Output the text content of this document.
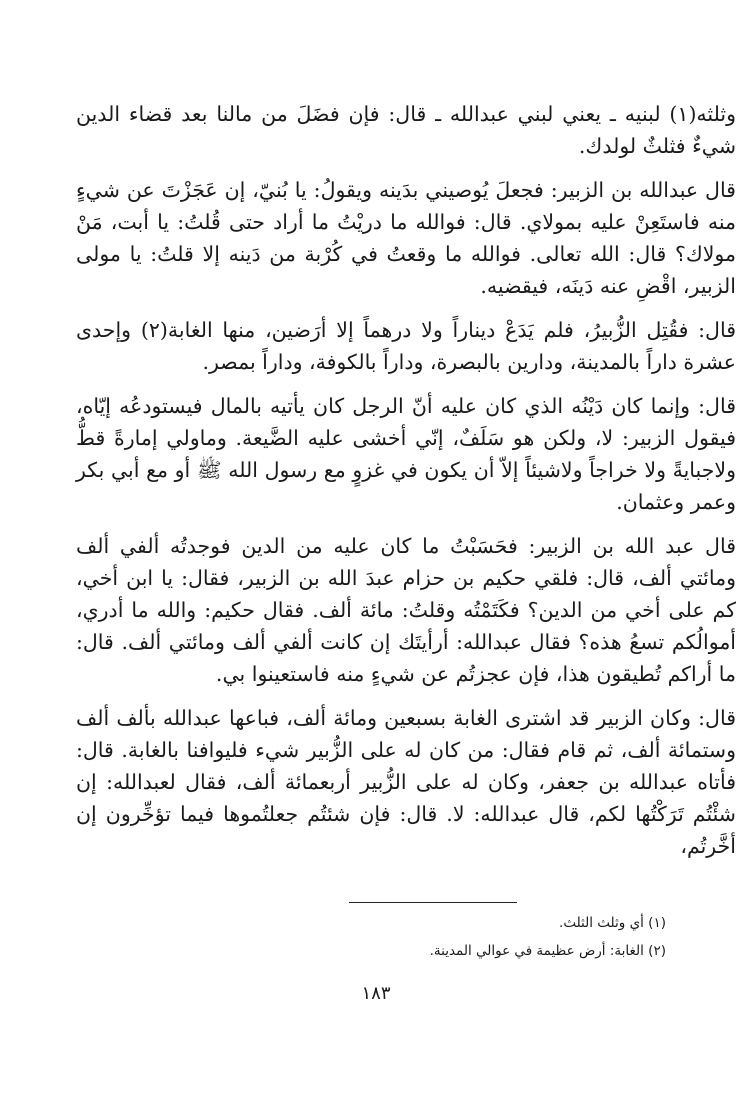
وثلثه(١) لبنيه ـ يعني لبني عبدالله ـ قال: فإن فضَلَ من مالنا بعد قضاء الدين شيءٌ فثلثٌ لولدك.

قال عبدالله بن الزبير: فجعلَ يُوصيني بدَينه ويقولُ: يا بُنيّ، إن عَجَزْتَ عن شيءٍ منه فاستَعِنْ عليه بمولاي. قال: فوالله ما دريْتُ ما أراد حتى قُلتُ: يا أبت، مَنْ مولاك؟ قال: الله تعالى. فوالله ما وقعتُ في كُرْبة من دَينه إلا قلتُ: يا مولى الزبير، اقْضِ عنه دَينَه، فيقضيه.

قال: فقُتِل الزُّبيرُ، فلم يَدَعْ ديناراً ولا درهماً إلا أرَضين، منها الغابة(٢) وإحدى عشرة داراً بالمدينة، ودارين بالبصرة، وداراً بالكوفة، وداراً بمصر.

قال: وإنما كان دَيْنُه الذي كان عليه أنّ الرجل كان يأتيه بالمال فيستودعُه إيّاه، فيقول الزبير: لا، ولكن هو سَلَفٌ، إنّي أخشى عليه الضَّيعة. وماولي إمارةً قطُّ ولاجبايةً ولا خراجاً ولاشيئاً إلاّ أن يكون في غزوٍ مع رسول الله ﷺ أو مع أبي بكر وعمر وعثمان.

قال عبد الله بن الزبير: فحَسَبْتُ ما كان عليه من الدين فوجدتُه ألفي ألف ومائتي ألف، قال: فلقي حكيم بن حزام عبدَ الله بن الزبير، فقال: يا ابن أخي، كم على أخي من الدين؟ فكَتَمْتُه وقلتُ: مائة ألف. فقال حكيم: والله ما أدري، أموالُكم تسعُ هذه؟ فقال عبدالله: أرأيتَك إن كانت ألفي ألف ومائتي ألف. قال: ما أراكم تُطيقون هذا، فإن عجزتُم عن شيءٍ منه فاستعينوا بي.

قال: وكان الزبير قد اشترى الغابة بسبعين ومائة ألف، فباعها عبدالله بألف ألف وستمائة ألف، ثم قام فقال: من كان له على الزُّبير شيء فليوافنا بالغابة. قال: فأتاه عبدالله بن جعفر، وكان له على الزُّبير أربعمائة ألف، فقال لعبدالله: إن شئْتُم تَرَكْتُها لكم، قال عبدالله: لا. قال: فإن شئتُم جعلتُموها فيما تؤخِّرون إن أخَّرتُم،

(١) أي وثلث الثلث.

(٢) الغابة: أرض عظيمة في عوالي المدينة.

١٨٣
